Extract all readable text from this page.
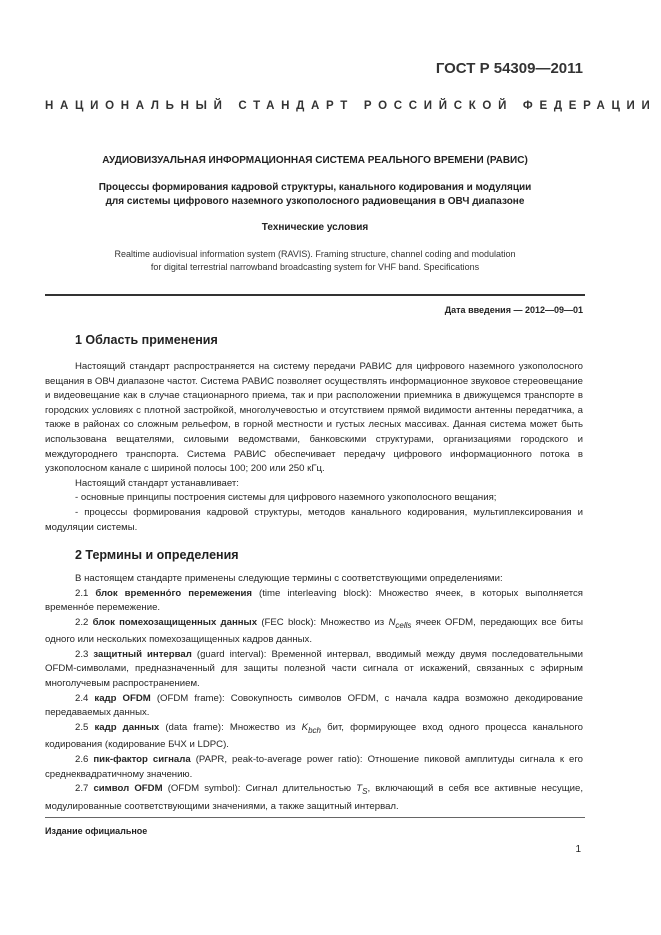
ГОСТ Р 54309—2011
НАЦИОНАЛЬНЫЙ СТАНДАРТ РОССИЙСКОЙ ФЕДЕРАЦИИ
АУДИОВИЗУАЛЬНАЯ ИНФОРМАЦИОННАЯ СИСТЕМА РЕАЛЬНОГО ВРЕМЕНИ (РАВИС)
Процессы формирования кадровой структуры, канального кодирования и модуляции
для системы цифрового наземного узкополосного радиовещания в ОВЧ диапазоне
Технические условия
Realtime audiovisual information system (RAVIS). Framing structure, channel coding and modulation
for digital terrestrial narrowband broadcasting system for VHF band. Specifications
Дата введения — 2012—09—01
1 Область применения

Настоящий стандарт распространяется на систему передачи РАВИС для цифрового наземного узкополосного вещания в ОВЧ диапазоне частот. Система РАВИС позволяет осуществлять информационное звуковое стереовещание и видеовещание как в случае стационарного приема, так и при расположении приемника в движущемся транспорте в городских условиях с плотной застройкой, многолучевостью и отсутствием прямой видимости антенны передатчика, а также в районах со сложным рельефом, в горной местности и густых лесных массивах. Данная система может быть использована вещателями, силовыми ведомствами, банковскими структурами, организациями городского и междугороднего транспорта. Система РАВИС обеспечивает передачу цифрового информационного потока в узкополосном канале с шириной полосы 100; 200 или 250 кГц.

Настоящий стандарт устанавливает:

- основные принципы построения системы для цифрового наземного узкополосного вещания;

- процессы формирования кадровой структуры, методов канального кодирования, мультиплексирования и модуляции системы.

2 Термины и определения

В настоящем стандарте применены следующие термины с соответствующими определениями:

2.1 блок временно́го перемежения (time interleaving block): Множество ячеек, в которых выполняется временно́е перемежение.

2.2 блок помехозащищенных данных (FEC block): Множество из $N_{cells}$ ячеек OFDM, передающих все биты одного или нескольких помехозащищенных кадров данных.

2.3 защитный интервал (guard interval): Временной интервал, вводимый между двумя последовательными OFDM-символами, предназначенный для защиты полезной части сигнала от искажений, связанных с эфирным многолучевым распространением.

2.4 кадр OFDM (OFDM frame): Совокупность символов OFDM, с начала кадра возможно декодирование передаваемых данных.

2.5 кадр данных (data frame): Множество из $K_{bch}$ бит, формирующее вход одного процесса канального кодирования (кодирование БЧХ и LDPC).

2.6 пик-фактор сигнала (PAPR, peak-to-average power ratio): Отношение пиковой амплитуды сигнала к его среднеквадратичному значению.

2.7 символ OFDM (OFDM symbol): Сигнал длительностью $T_S$, включающий в себя все активные несущие, модулированные соответствующими значениями, а также защитный интервал.

Издание официальное
1
